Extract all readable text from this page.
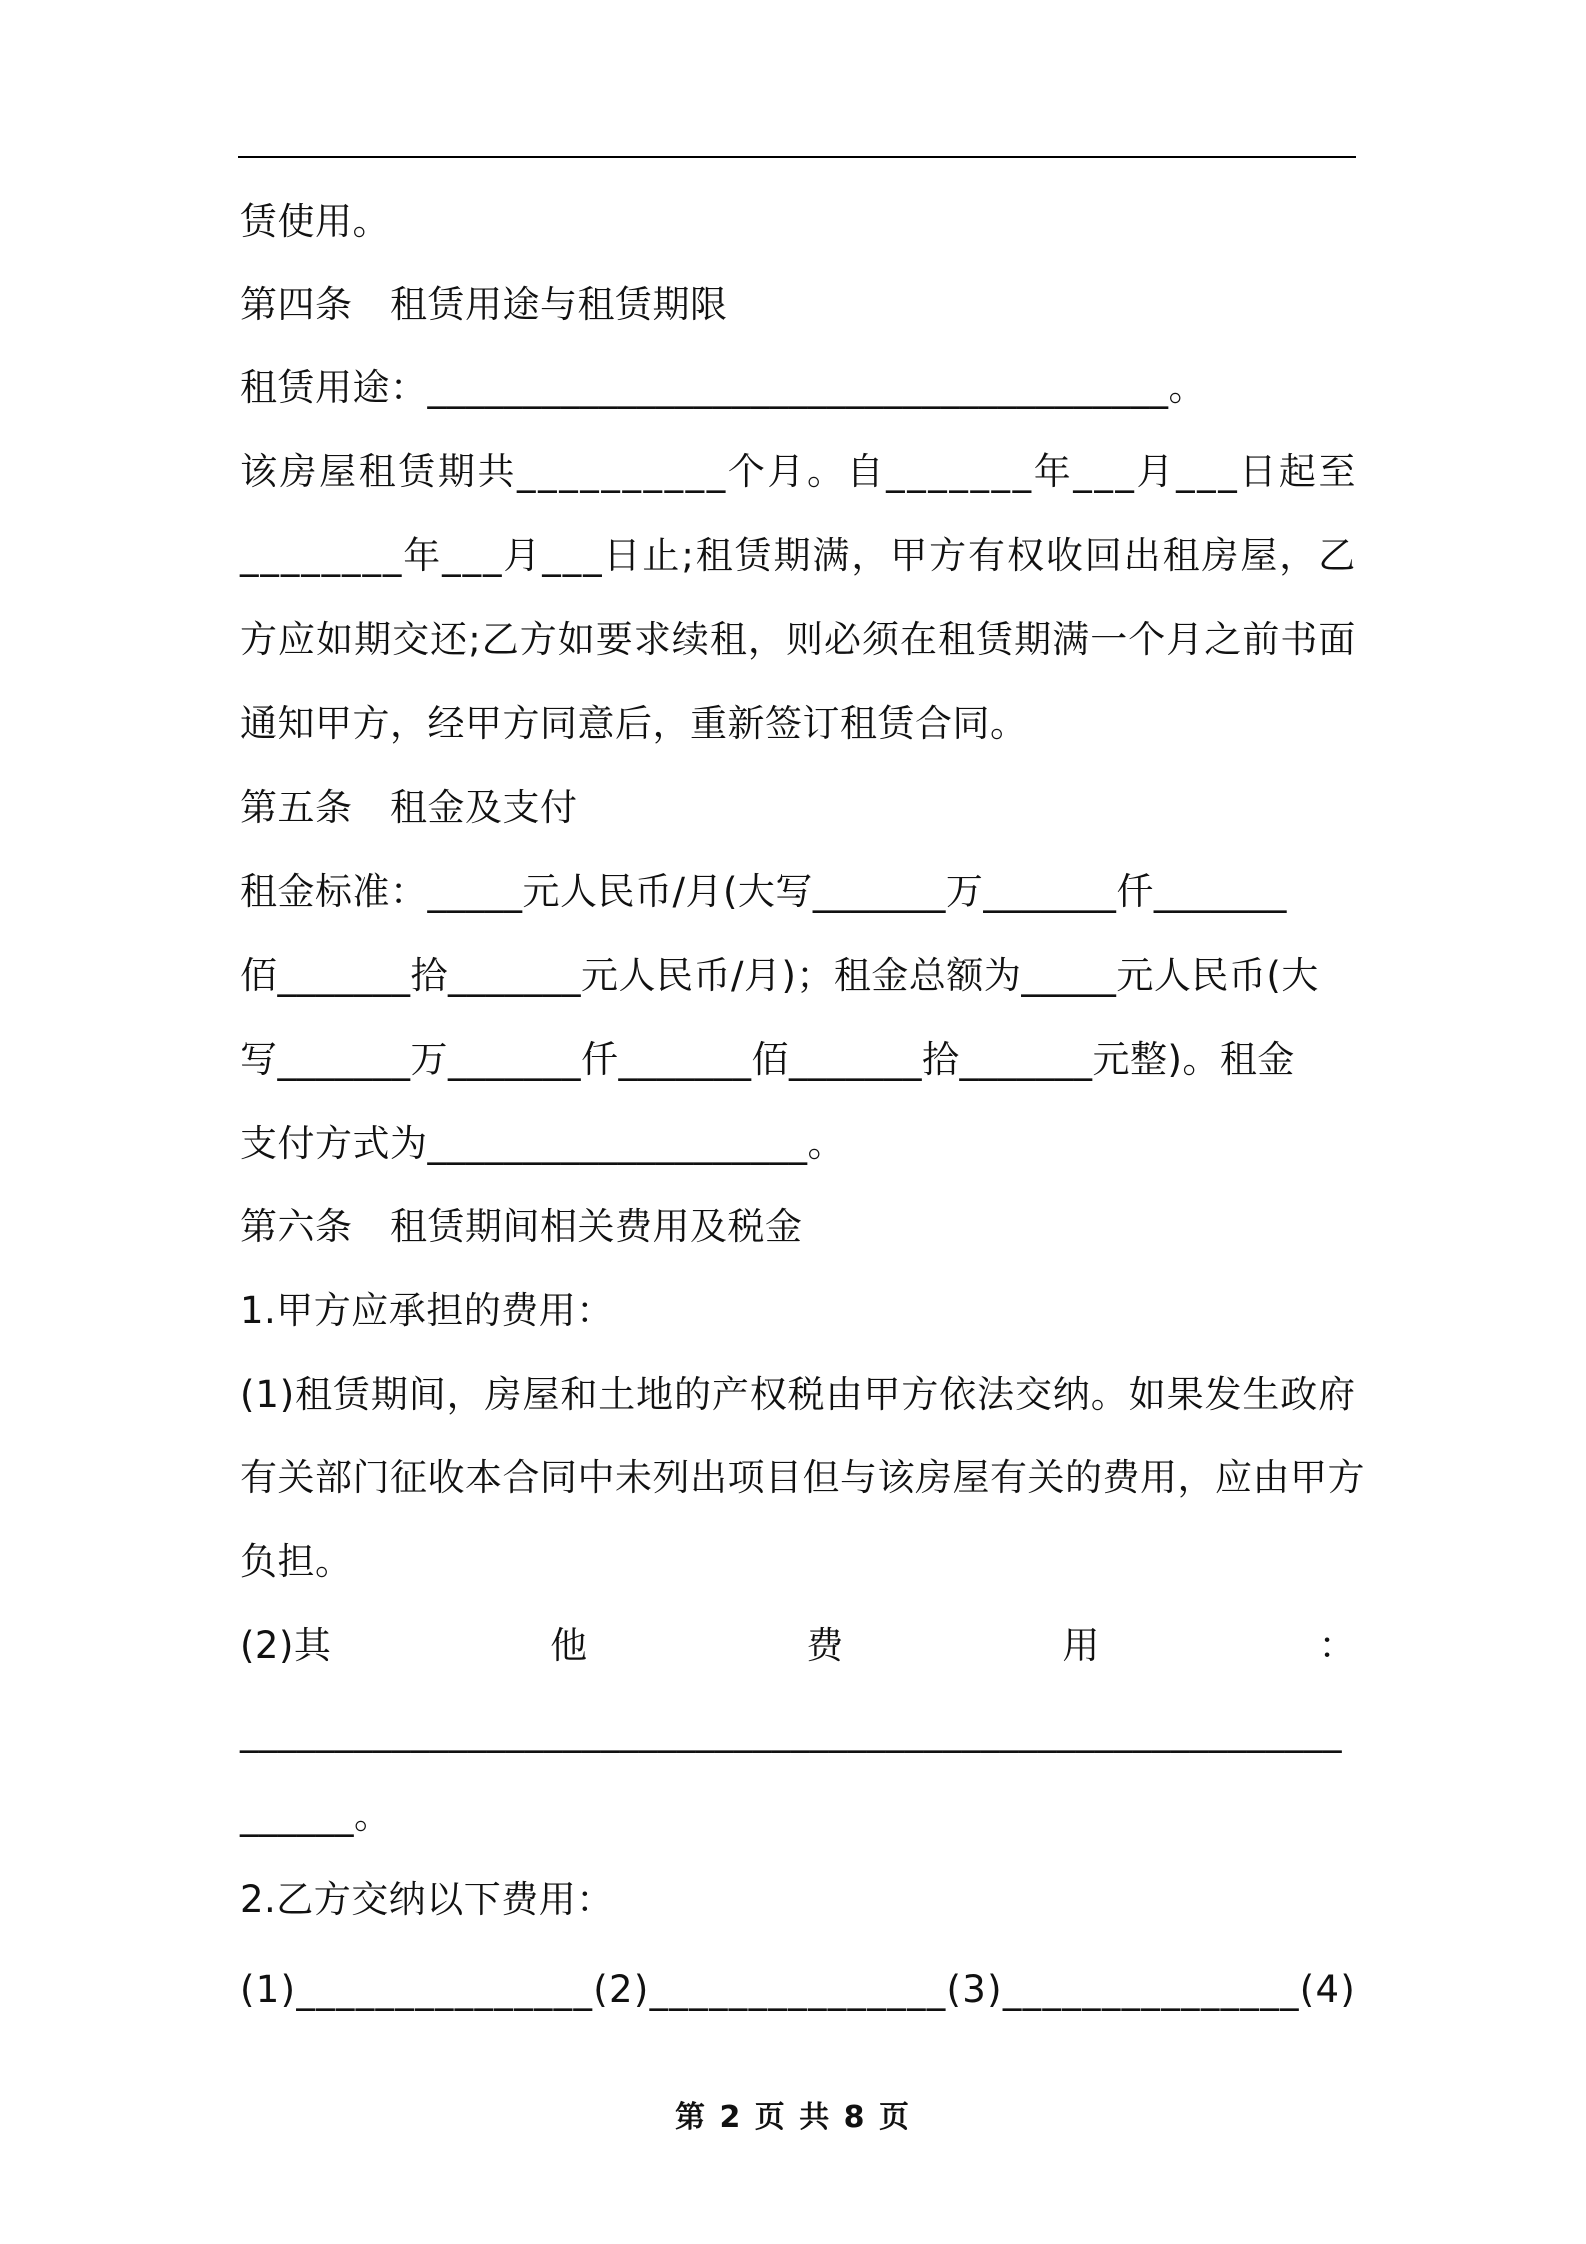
赁使用。
第四条　租赁用途与租赁期限
租赁用途：_______________________________________。
该 房 屋 租 赁 期 共 _ _ _ _ _ _ _ _ _ _ 个 月 。 自 _ _ _ _ _ _ _ 年 _ _ _ 月 _ _ _ 日 起 至
_ _ _ _ _ _ _ _ 年 _ _ _ 月 _ _ _ 日 止 ; 租 赁 期 满 ， 甲 方 有 权 收 回 出 租 房 屋 ， 乙
方 应 如 期 交 还 ; 乙 方 如 要 求 续 租 ， 则 必 须 在 租 赁 期 满 一 个 月 之 前 书 面
通知甲方，经甲方同意后，重新签订租赁合同。
第五条　租金及支付
租金标准：_____元人民币/月(大写_______万_______仟_______
佰_______拾_______元人民币/月)；租金总额为_____元人民币(大
写_______万_______仟_______佰_______拾_______元整)。租金
支付方式为____________________。
第六条　租赁期间相关费用及税金
1.甲方应承担的费用：
( 1 ) 租 赁 期 间 ， 房 屋 和 土 地 的 产 权 税 由 甲 方 依 法 交 纳 。 如 果 发 生 政 府
有 关 部 门 征 收 本 合 同 中 未 列 出 项 目 但 与 该 房 屋 有 关 的 费 用 ， 应 由 甲 方
负担。
(2)其	他	费	用	：
__________________________________________________________
______。
2.乙方交纳以下费用：
( 1 ) _ _ _ _ _ _ _ _ _ _ _ _ _ _ _ ( 2 ) _ _ _ _ _ _ _ _ _ _ _ _ _ _ _ ( 3 ) _ _ _ _ _ _ _ _ _ _ _ _ _ _ _ ( 4 )
第 2 页 共 8 页
